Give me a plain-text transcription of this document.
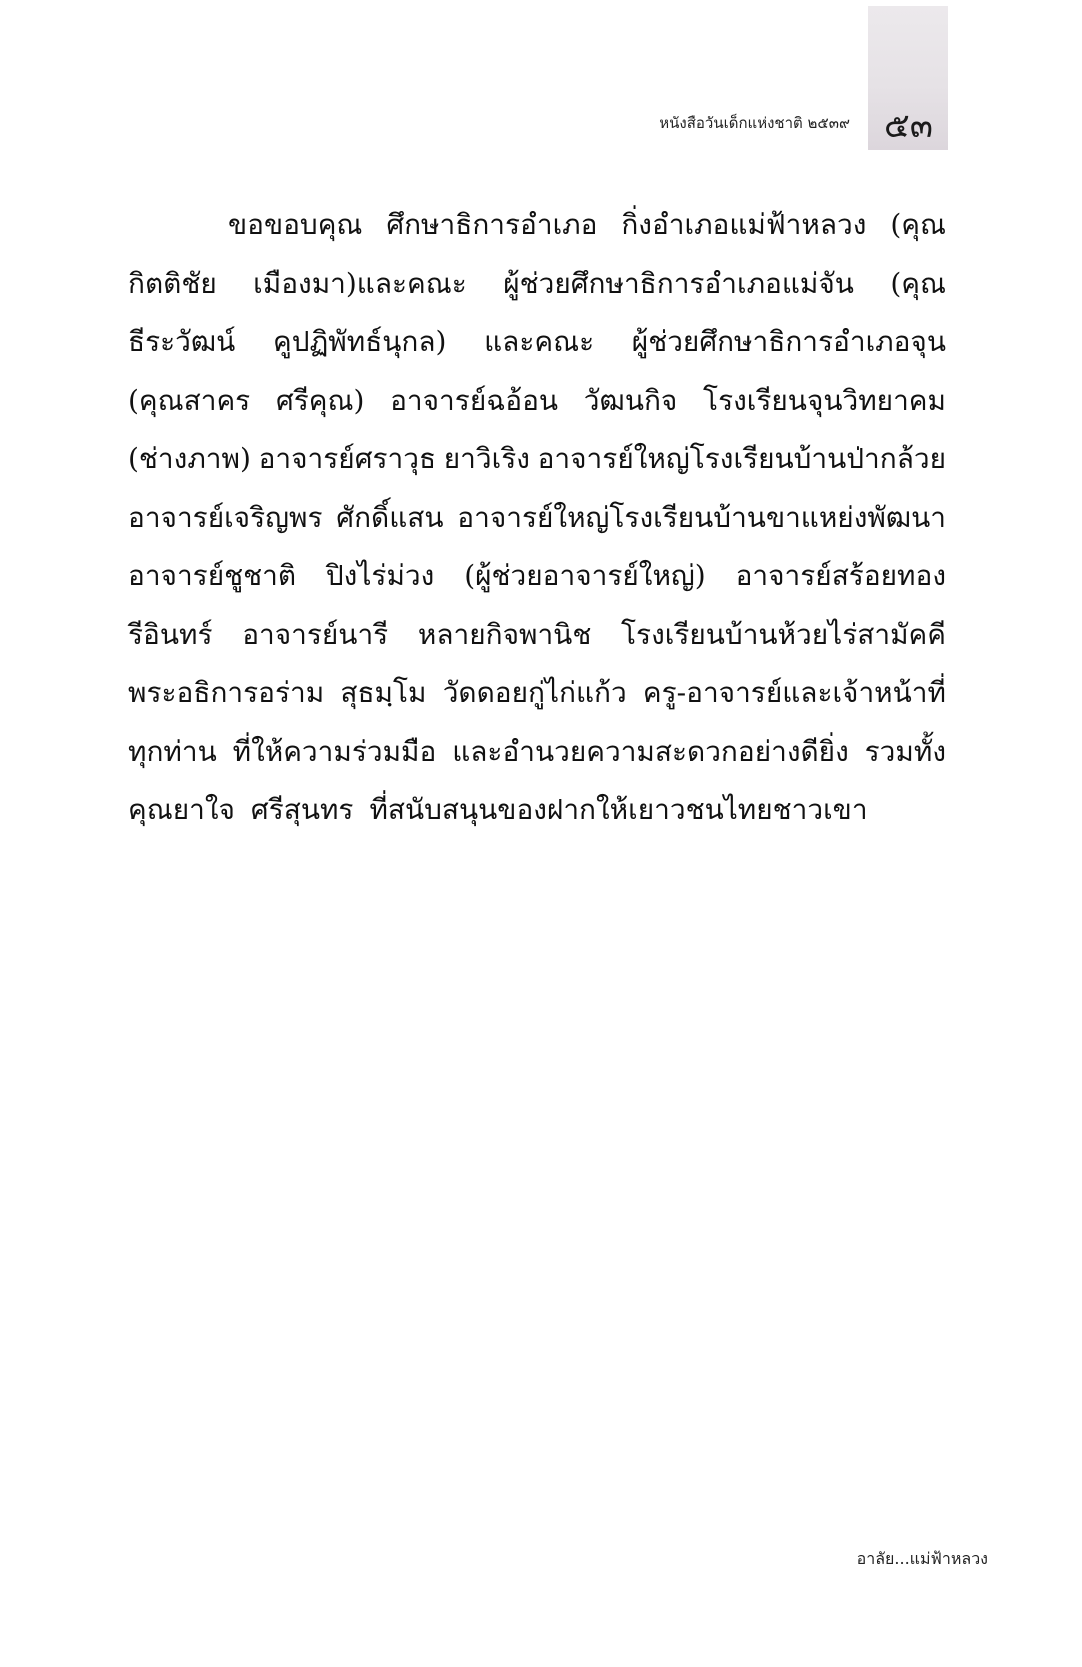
๕๓
หนังสือวันเด็กแห่งชาติ ๒๕๓๙
ขอขอบคุณ ศึกษาธิการอำเภอ กิ่งอำเภอแม่ฟ้าหลวง (คุณ
กิตติชัย เมืองมา)และคณะ ผู้ช่วยศึกษาธิการอำเภอแม่จัน (คุณ
ธีระวัฒน์ คูปฏิพัทธ์นุกล) และคณะ ผู้ช่วยศึกษาธิการอำเภอจุน
(คุณสาคร ศรีคุณ) อาจารย์ฉอ้อน วัฒนกิจ โรงเรียนจุนวิทยาคม
(ช่างภาพ) อาจารย์ศราวุธ ยาวิเริง อาจารย์ใหญ่โรงเรียนบ้านป่ากล้วย
อาจารย์เจริญพร ศักดิ์แสน อาจารย์ใหญ่โรงเรียนบ้านขาแหย่งพัฒนา
อาจารย์ชูชาติ ปิงไร่ม่วง (ผู้ช่วยอาจารย์ใหญ่) อาจารย์สร้อยทอง
รีอินทร์ อาจารย์นารี หลายกิจพานิช โรงเรียนบ้านห้วยไร่สามัคคี
พระอธิการอร่าม สุธมฺโม วัดดอยกู่ไก่แก้ว ครู-อาจารย์และเจ้าหน้าที่
ทุกท่าน ที่ให้ความร่วมมือ และอำนวยความสะดวกอย่างดียิ่ง รวมทั้ง
คุณยาใจ ศรีสุนทร ที่สนับสนุนของฝากให้เยาวชนไทยชาวเขา
อาลัย...แม่ฟ้าหลวง
